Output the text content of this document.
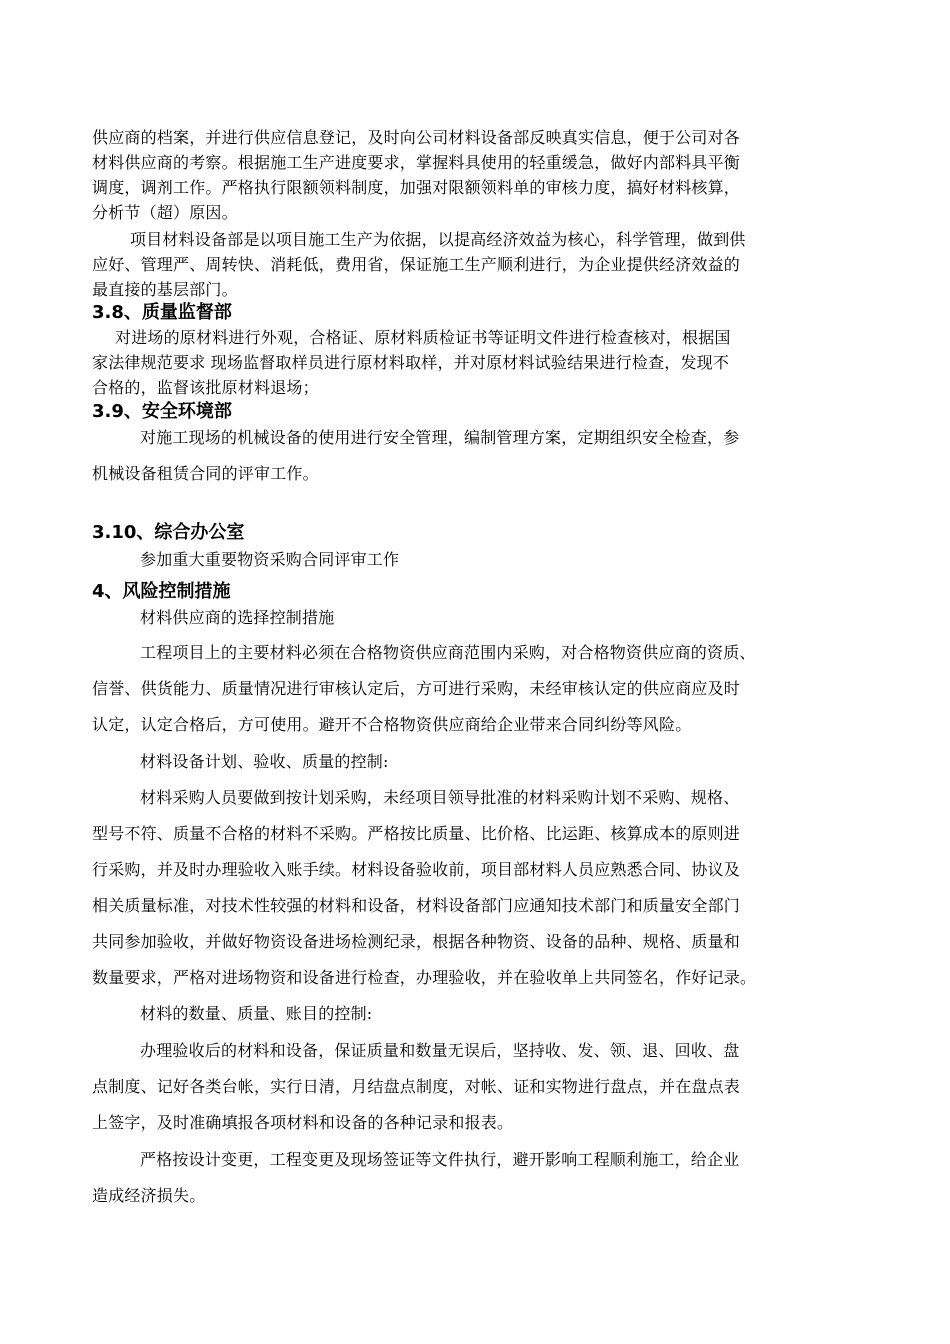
供应商的档案，并进行供应信息登记，及时向公司材料设备部反映真实信息，便于公司对各
材料供应商的考察。根据施工生产进度要求，掌握料具使用的轻重缓急，做好内部料具平衡
调度，调剂工作。严格执行限额领料制度，加强对限额领料单的审核力度，搞好材料核算，
分析节（超）原因。
项目材料设备部是以项目施工生产为依据，以提高经济效益为核心，科学管理，做到供
应好、管理严、周转快、消耗低，费用省，保证施工生产顺利进行，为企业提供经济效益的
最直接的基层部门。
3.8、质量监督部
对进场的原材料进行外观，合格证、原材料质检证书等证明文件进行检查核对，根据国
家法律规范要求 现场监督取样员进行原材料取样，并对原材料试验结果进行检查，发现不
合格的，监督该批原材料退场；
3.9、安全环境部
对施工现场的机械设备的使用进行安全管理，编制管理方案，定期组织安全检查，参
机械设备租赁合同的评审工作。
3.10、综合办公室
参加重大重要物资采购合同评审工作
4、风险控制措施
材料供应商的选择控制措施
工程项目上的主要材料必须在合格物资供应商范围内采购，对合格物资供应商的资质、
信誉、供货能力、质量情况进行审核认定后，方可进行采购，未经审核认定的供应商应及时
认定，认定合格后，方可使用。避开不合格物资供应商给企业带来合同纠纷等风险。
材料设备计划、验收、质量的控制:
材料采购人员要做到按计划采购，未经项目领导批准的材料采购计划不采购、规格、
型号不符、质量不合格的材料不采购。严格按比质量、比价格、比运距、核算成本的原则进
行采购，并及时办理验收入账手续。材料设备验收前，项目部材料人员应熟悉合同、协议及
相关质量标准，对技术性较强的材料和设备，材料设备部门应通知技术部门和质量安全部门
共同参加验收，并做好物资设备进场检测纪录，根据各种物资、设备的品种、规格、质量和
数量要求，严格对进场物资和设备进行检查，办理验收，并在验收单上共同签名，作好记录。
材料的数量、质量、账目的控制:
办理验收后的材料和设备，保证质量和数量无误后，坚持收、发、领、退、回收、盘
点制度、记好各类台帐，实行日清，月结盘点制度，对帐、证和实物进行盘点，并在盘点表
上签字，及时准确填报各项材料和设备的各种记录和报表。
严格按设计变更，工程变更及现场签证等文件执行，避开影响工程顺利施工，给企业
造成经济损失。
